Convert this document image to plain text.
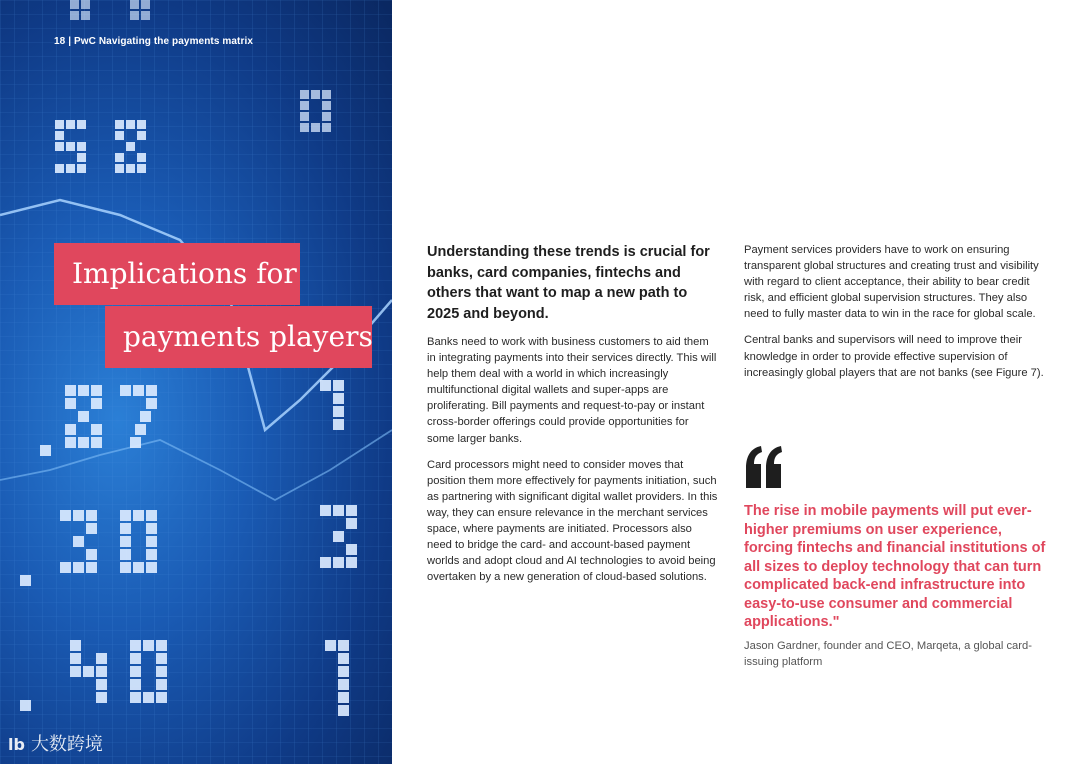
18 | PwC Navigating the payments matrix
Implications for
payments players
lb 大数跨境

Understanding these trends is crucial for banks, card companies, fintechs and others that want to map a new path to 2025 and beyond.

Banks need to work with business customers to aid them in integrating payments into their services directly. This will help them deal with a world in which increasingly multifunctional digital wallets and super-apps are proliferating. Bill payments and request-to-pay or instant cross-border offerings could provide opportunities for some larger banks.

Card processors might need to consider moves that position them more effectively for payments initiation, such as partnering with significant digital wallet providers. In this way, they can ensure relevance in the merchant services space, where payments are initiated. Processors also need to bridge the card- and account-based payment worlds and adopt cloud and AI technologies to avoid being overtaken by a new generation of cloud-based solutions.

Payment services providers have to work on ensuring transparent global structures and creating trust and visibility with regard to client acceptance, their ability to bear credit risk, and efficient global supervision structures. They also need to fully master data to win in the race for global scale.

Central banks and supervisors will need to improve their knowledge in order to provide effective supervision of increasingly global players that are not banks (see Figure 7).

The rise in mobile payments will put ever-higher premiums on user experience, forcing fintechs and financial institutions of all sizes to deploy technology that can turn complicated back-end infrastructure into easy-to-use consumer and commercial applications."
Jason Gardner, founder and CEO, Marqeta, a global card-issuing platform
